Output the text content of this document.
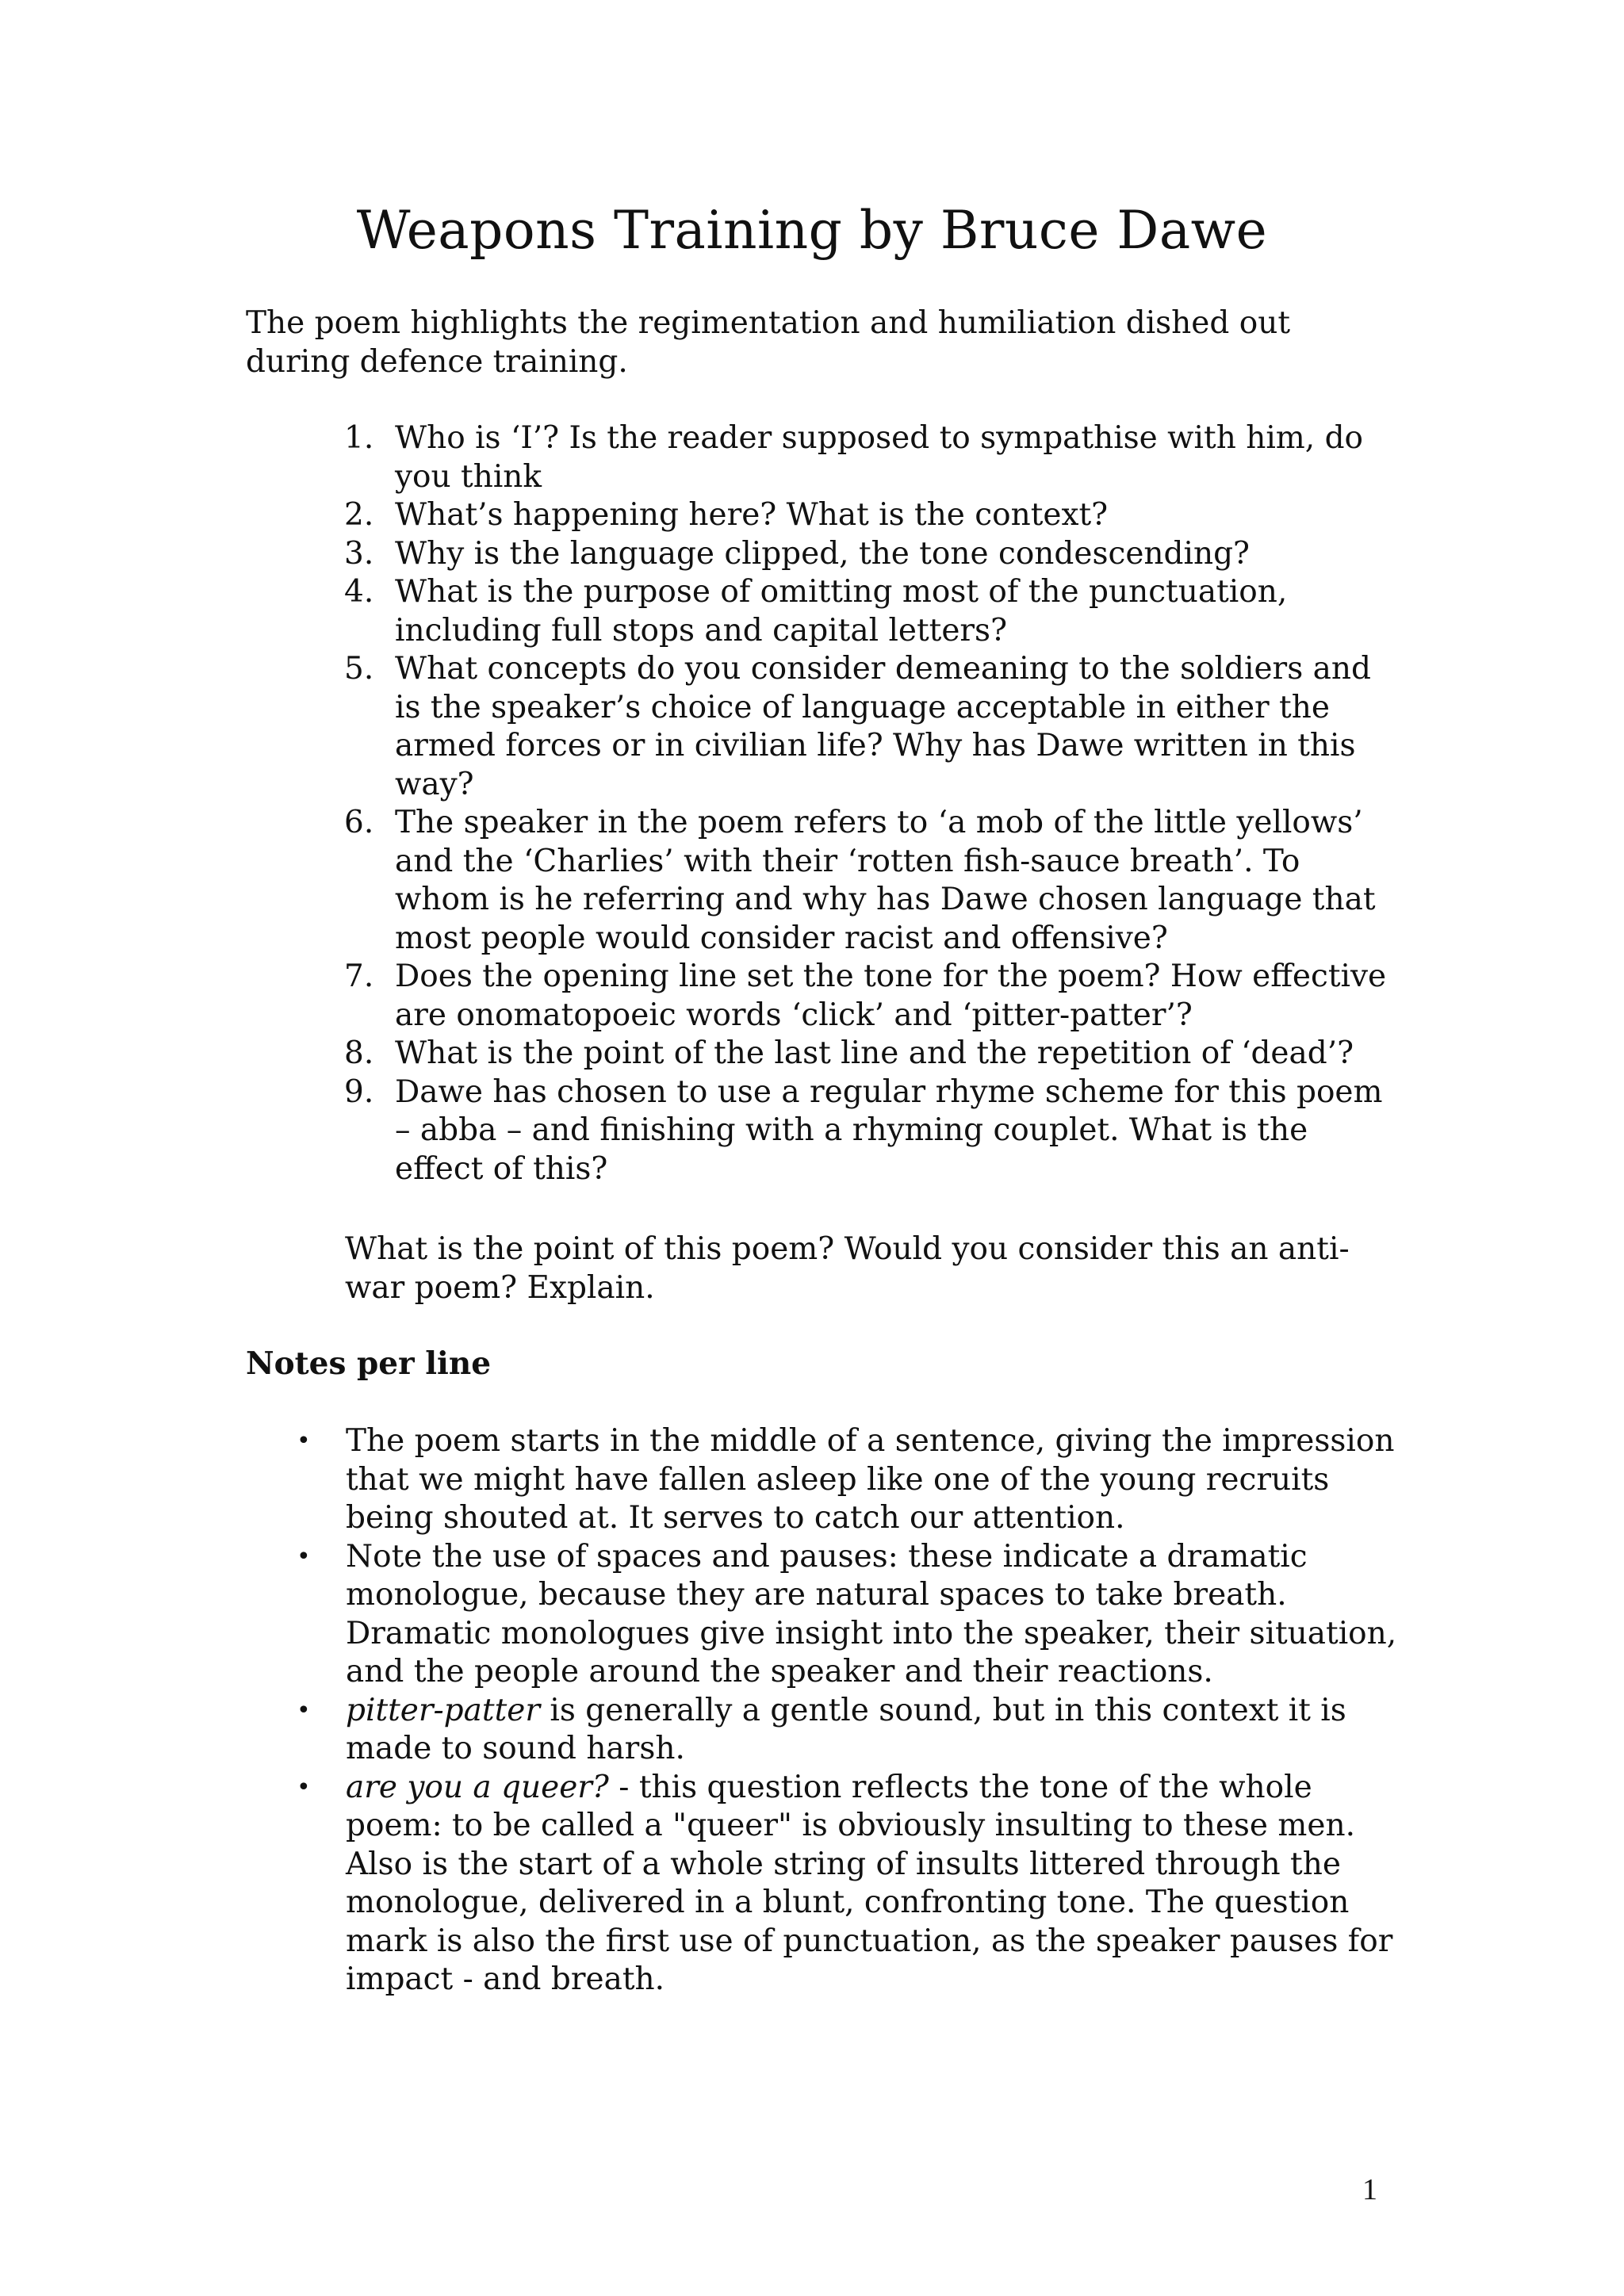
Weapons Training by Bruce Dawe

The poem highlights the regimentation and humiliation dished out during defence training.

1. Who is ‘I’? Is the reader supposed to sympathise with him, do you think
2. What’s happening here? What is the context?
3. Why is the language clipped, the tone condescending?
4. What is the purpose of omitting most of the punctuation, including full stops and capital letters?
5. What concepts do you consider demeaning to the soldiers and is the speaker’s choice of language acceptable in either the armed forces or in civilian life? Why has Dawe written in this way?
6. The speaker in the poem refers to ‘a mob of the little yellows’ and the ‘Charlies’ with their ‘rotten fish-sauce breath’. To whom is he referring and why has Dawe chosen language that most people would consider racist and offensive?
7. Does the opening line set the tone for the poem? How effective are onomatopoeic words ‘click’ and ‘pitter-patter’?
8. What is the point of the last line and the repetition of ‘dead’?
9. Dawe has chosen to use a regular rhyme scheme for this poem – abba – and finishing with a rhyming couplet. What is the effect of this?

What is the point of this poem? Would you consider this an anti-war poem? Explain.

Notes per line
• The poem starts in the middle of a sentence, giving the impression that we might have fallen asleep like one of the young recruits being shouted at. It serves to catch our attention.
• Note the use of spaces and pauses: these indicate a dramatic monologue, because they are natural spaces to take breath. Dramatic monologues give insight into the speaker, their situation, and the people around the speaker and their reactions.
• pitter-patter is generally a gentle sound, but in this context it is made to sound harsh.
• are you a queer? - this question reflects the tone of the whole poem: to be called a "queer" is obviously insulting to these men. Also is the start of a whole string of insults littered through the monologue, delivered in a blunt, confronting tone. The question mark is also the first use of punctuation, as the speaker pauses for impact - and breath.
1
